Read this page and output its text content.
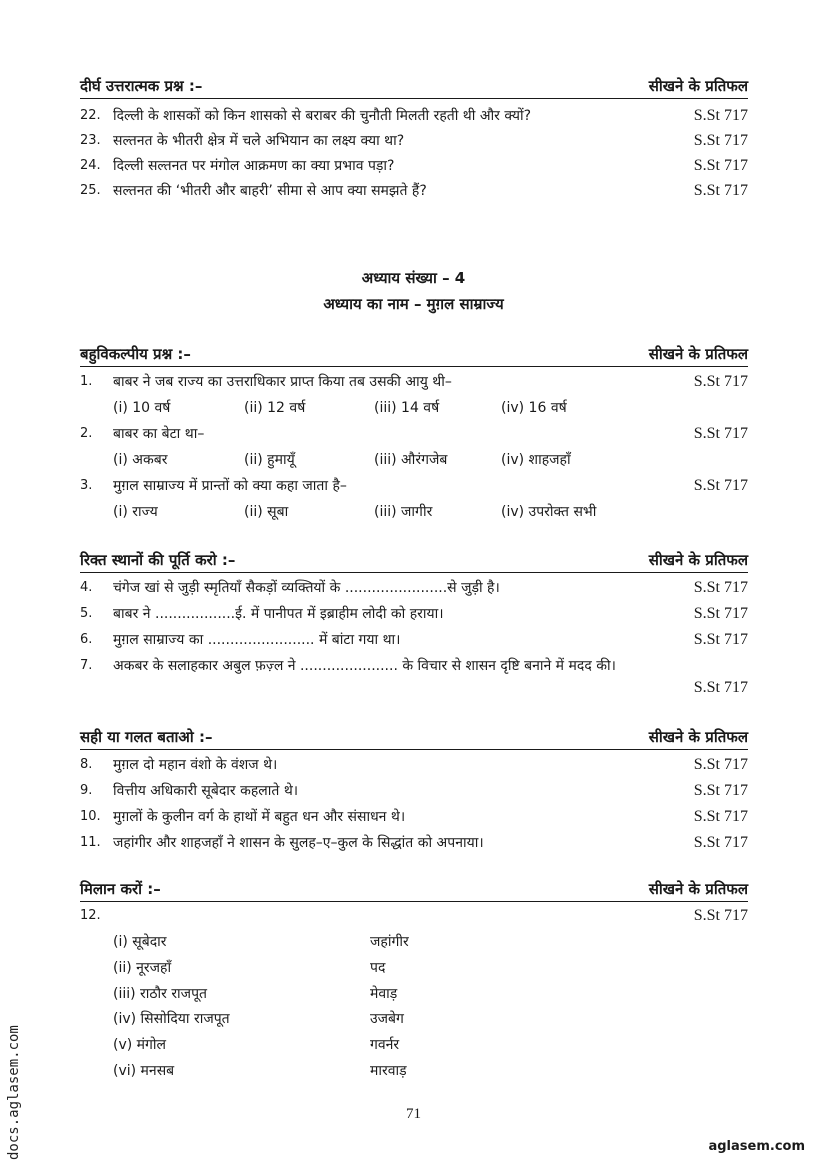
दीर्घ उत्तरात्मक प्रश्न :–	सीखने के प्रतिफल
22. दिल्ली के शासकों को किन शासको से बराबर की चुनौती मिलती रहती थी और क्यों?	S.St 717
23. सल्तनत के भीतरी क्षेत्र में चले अभियान का लक्ष्य क्या था?	S.St 717
24. दिल्ली सल्तनत पर मंगोल आक्रमण का क्या प्रभाव पड़ा?	S.St 717
25. सल्तनत की ‘भीतरी और बाहरी’ सीमा से आप क्या समझते हैं?	S.St 717
अध्याय संख्या – 4
अध्याय का नाम – मुग़ल साम्राज्य
बहुविकल्पीय प्रश्न :–	सीखने के प्रतिफल
1. बाबर ने जब राज्य का उत्तराधिकार प्राप्त किया तब उसकी आयु थी–	S.St 717
(i) 10 वर्ष	(ii) 12 वर्ष	(iii) 14 वर्ष	(iv) 16 वर्ष
2. बाबर का बेटा था–	S.St 717
(i) अकबर	(ii) हुमायूँ	(iii) औरंगजेब	(iv) शाहजहाँ
3. मुग़ल साम्राज्य में प्रान्तों को क्या कहा जाता है–	S.St 717
(i) राज्य	(ii) सूबा	(iii) जागीर	(iv) उपरोक्त सभी
रिक्त स्थानों की पूर्ति करो :–	सीखने के प्रतिफल
4. चंगेज खां से जुड़ी स्मृतियाँ सैकड़ों व्यक्तियों के .......................से जुड़ी है।	S.St 717
5. बाबर ने ..................ई. में पानीपत में इब्राहीम लोदी को हराया।	S.St 717
6. मुग़ल साम्राज्य का ........................ में बांटा गया था।	S.St 717
7. अकबर के सलाहकार अबुल फ़ज़्ल ने ...................... के विचार से शासन दृष्टि बनाने में मदद की।
S.St 717
सही या गलत बताओ :–	सीखने के प्रतिफल
8. मुग़ल दो महान वंशो के वंशज थे।	S.St 717
9. वित्तीय अधिकारी सूबेदार कहलाते थे।	S.St 717
10. मुग़लों के कुलीन वर्ग के हाथों में बहुत धन और संसाधन थे।	S.St 717
11. जहांगीर और शाहजहाँ ने शासन के सुलह–ए–कुल के सिद्धांत को अपनाया।	S.St 717
मिलान करों :–	सीखने के प्रतिफल
12.	S.St 717
(i) सूबेदार	जहांगीर
(ii) नूरजहाँ	पद
(iii) राठौर राजपूत	मेवाड़
(iv) सिसोदिया राजपूत	उजबेग
(v) मंगोल	गवर्नर
(vi) मनसब	मारवाड़
71
docs.aglasem.com	aglasem.com
